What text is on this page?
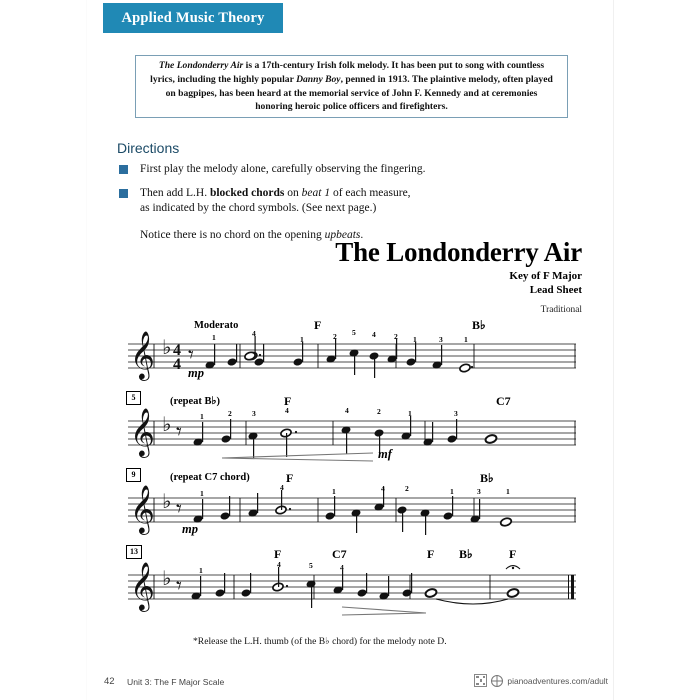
Applied Music Theory
The Londonderry Air is a 17th-century Irish folk melody. It has been put to song with countless lyrics, including the highly popular Danny Boy, penned in 1913. The plaintive melody, often played on bagpipes, has been heard at the memorial service of John F. Kennedy and at ceremonies honoring heroic police officers and firefighters.
Directions
First play the melody alone, carefully observing the fingering.
Then add L.H. blocked chords on beat 1 of each measure,
as indicated by the chord symbols. (See next page.)
Notice there is no chord on the opening upbeats.
The Londonderry Air
Key of F Major
Lead Sheet
Traditional
𝄞 ♭ 4
4 𝄾
Moderato	F	B♭
1	4
1	2 5 4 2 1	3	1
mp
𝄞 ♭ 𝄾
5	(repeat B♭)	F	C7
1	2	3	4	4	2	1	3
mf
𝄞 ♭ 𝄾
9	(repeat C7 chord)	F	B♭
1
4	1	4	2	1	3	1
mp
𝄞 ♭ 𝄾
13	F	C7	F B♭	F
1
4	5	4
*Release the L.H. thumb (of the B♭ chord) for the melody note D.
42 Unit 3: The F Major Scale	pianoadventures.com/adult
